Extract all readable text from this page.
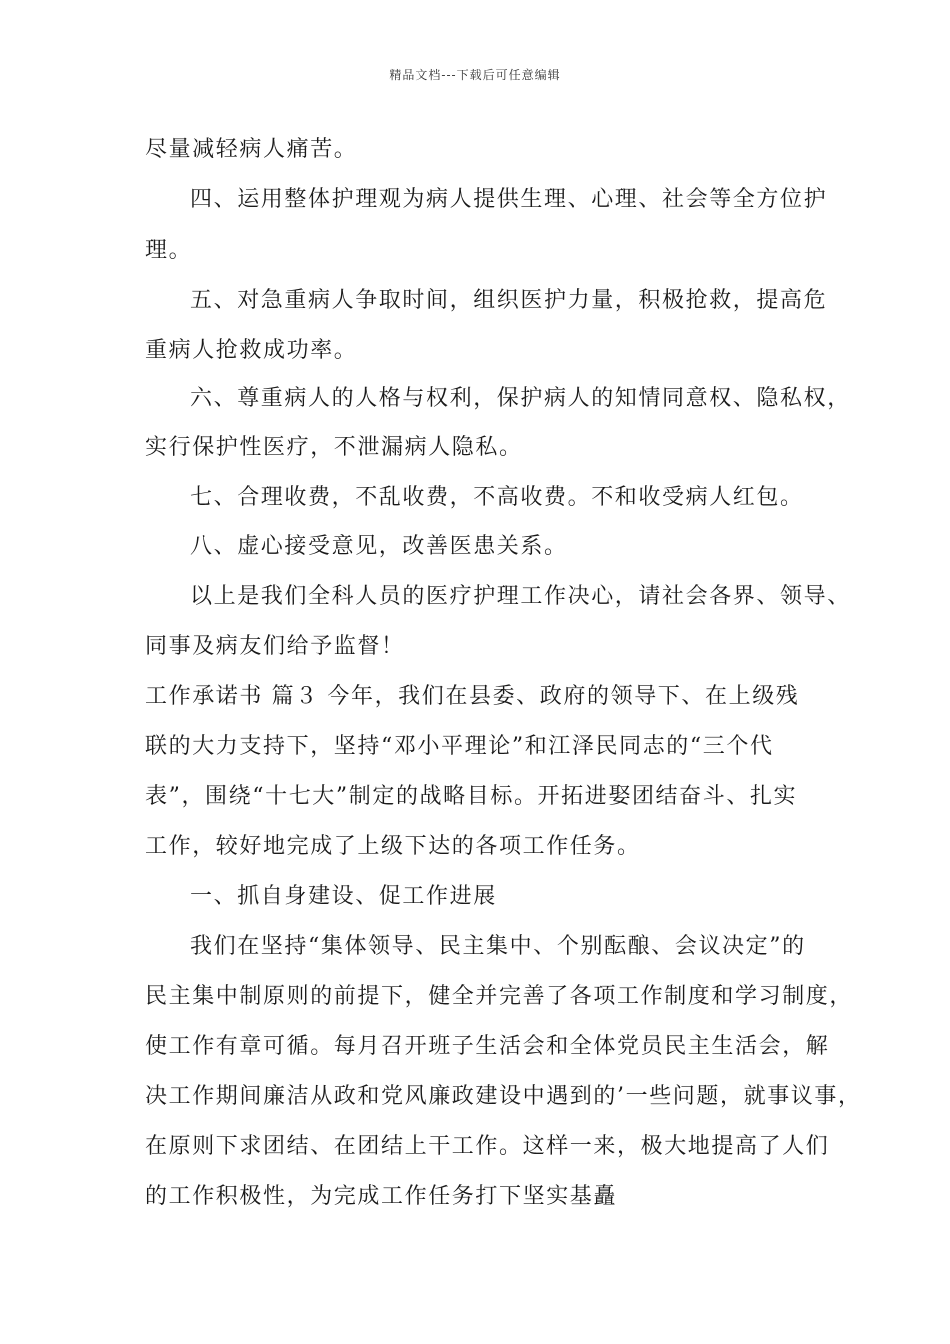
精品文档---下载后可任意编辑
尽量减轻病人痛苦。
四、运用整体护理观为病人提供生理、心理、社会等全方位护
理。
五、对急重病人争取时间，组织医护力量，积极抢救，提高危
重病人抢救成功率。
六、尊重病人的人格与权利，保护病人的知情同意权、隐私权，
实行保护性医疗，不泄漏病人隐私。
七、合理收费，不乱收费，不高收费。不和收受病人红包。
八、虚心接受意见，改善医患关系。
以上是我们全科人员的医疗护理工作决心，请社会各界、领导、
同事及病友们给予监督！
工作承诺书 篇３ 今年，我们在县委、政府的领导下、在上级残
联的大力支持下，坚持“邓小平理论”和江泽民同志的“三个代
表”，围绕“十七大”制定的战略目标。开拓进娶团结奋斗、扎实
工作，较好地完成了上级下达的各项工作任务。
一、抓自身建设、促工作进展
我们在坚持“集体领导、民主集中、个别酝酿、会议决定”的
民主集中制原则的前提下，健全并完善了各项工作制度和学习制度，
使工作有章可循。每月召开班子生活会和全体党员民主生活会，解
决工作期间廉洁从政和党风廉政建设中遇到的’一些问题，就事议事，
在原则下求团结、在团结上干工作。这样一来，极大地提高了人们
的工作积极性，为完成工作任务打下坚实基矗
